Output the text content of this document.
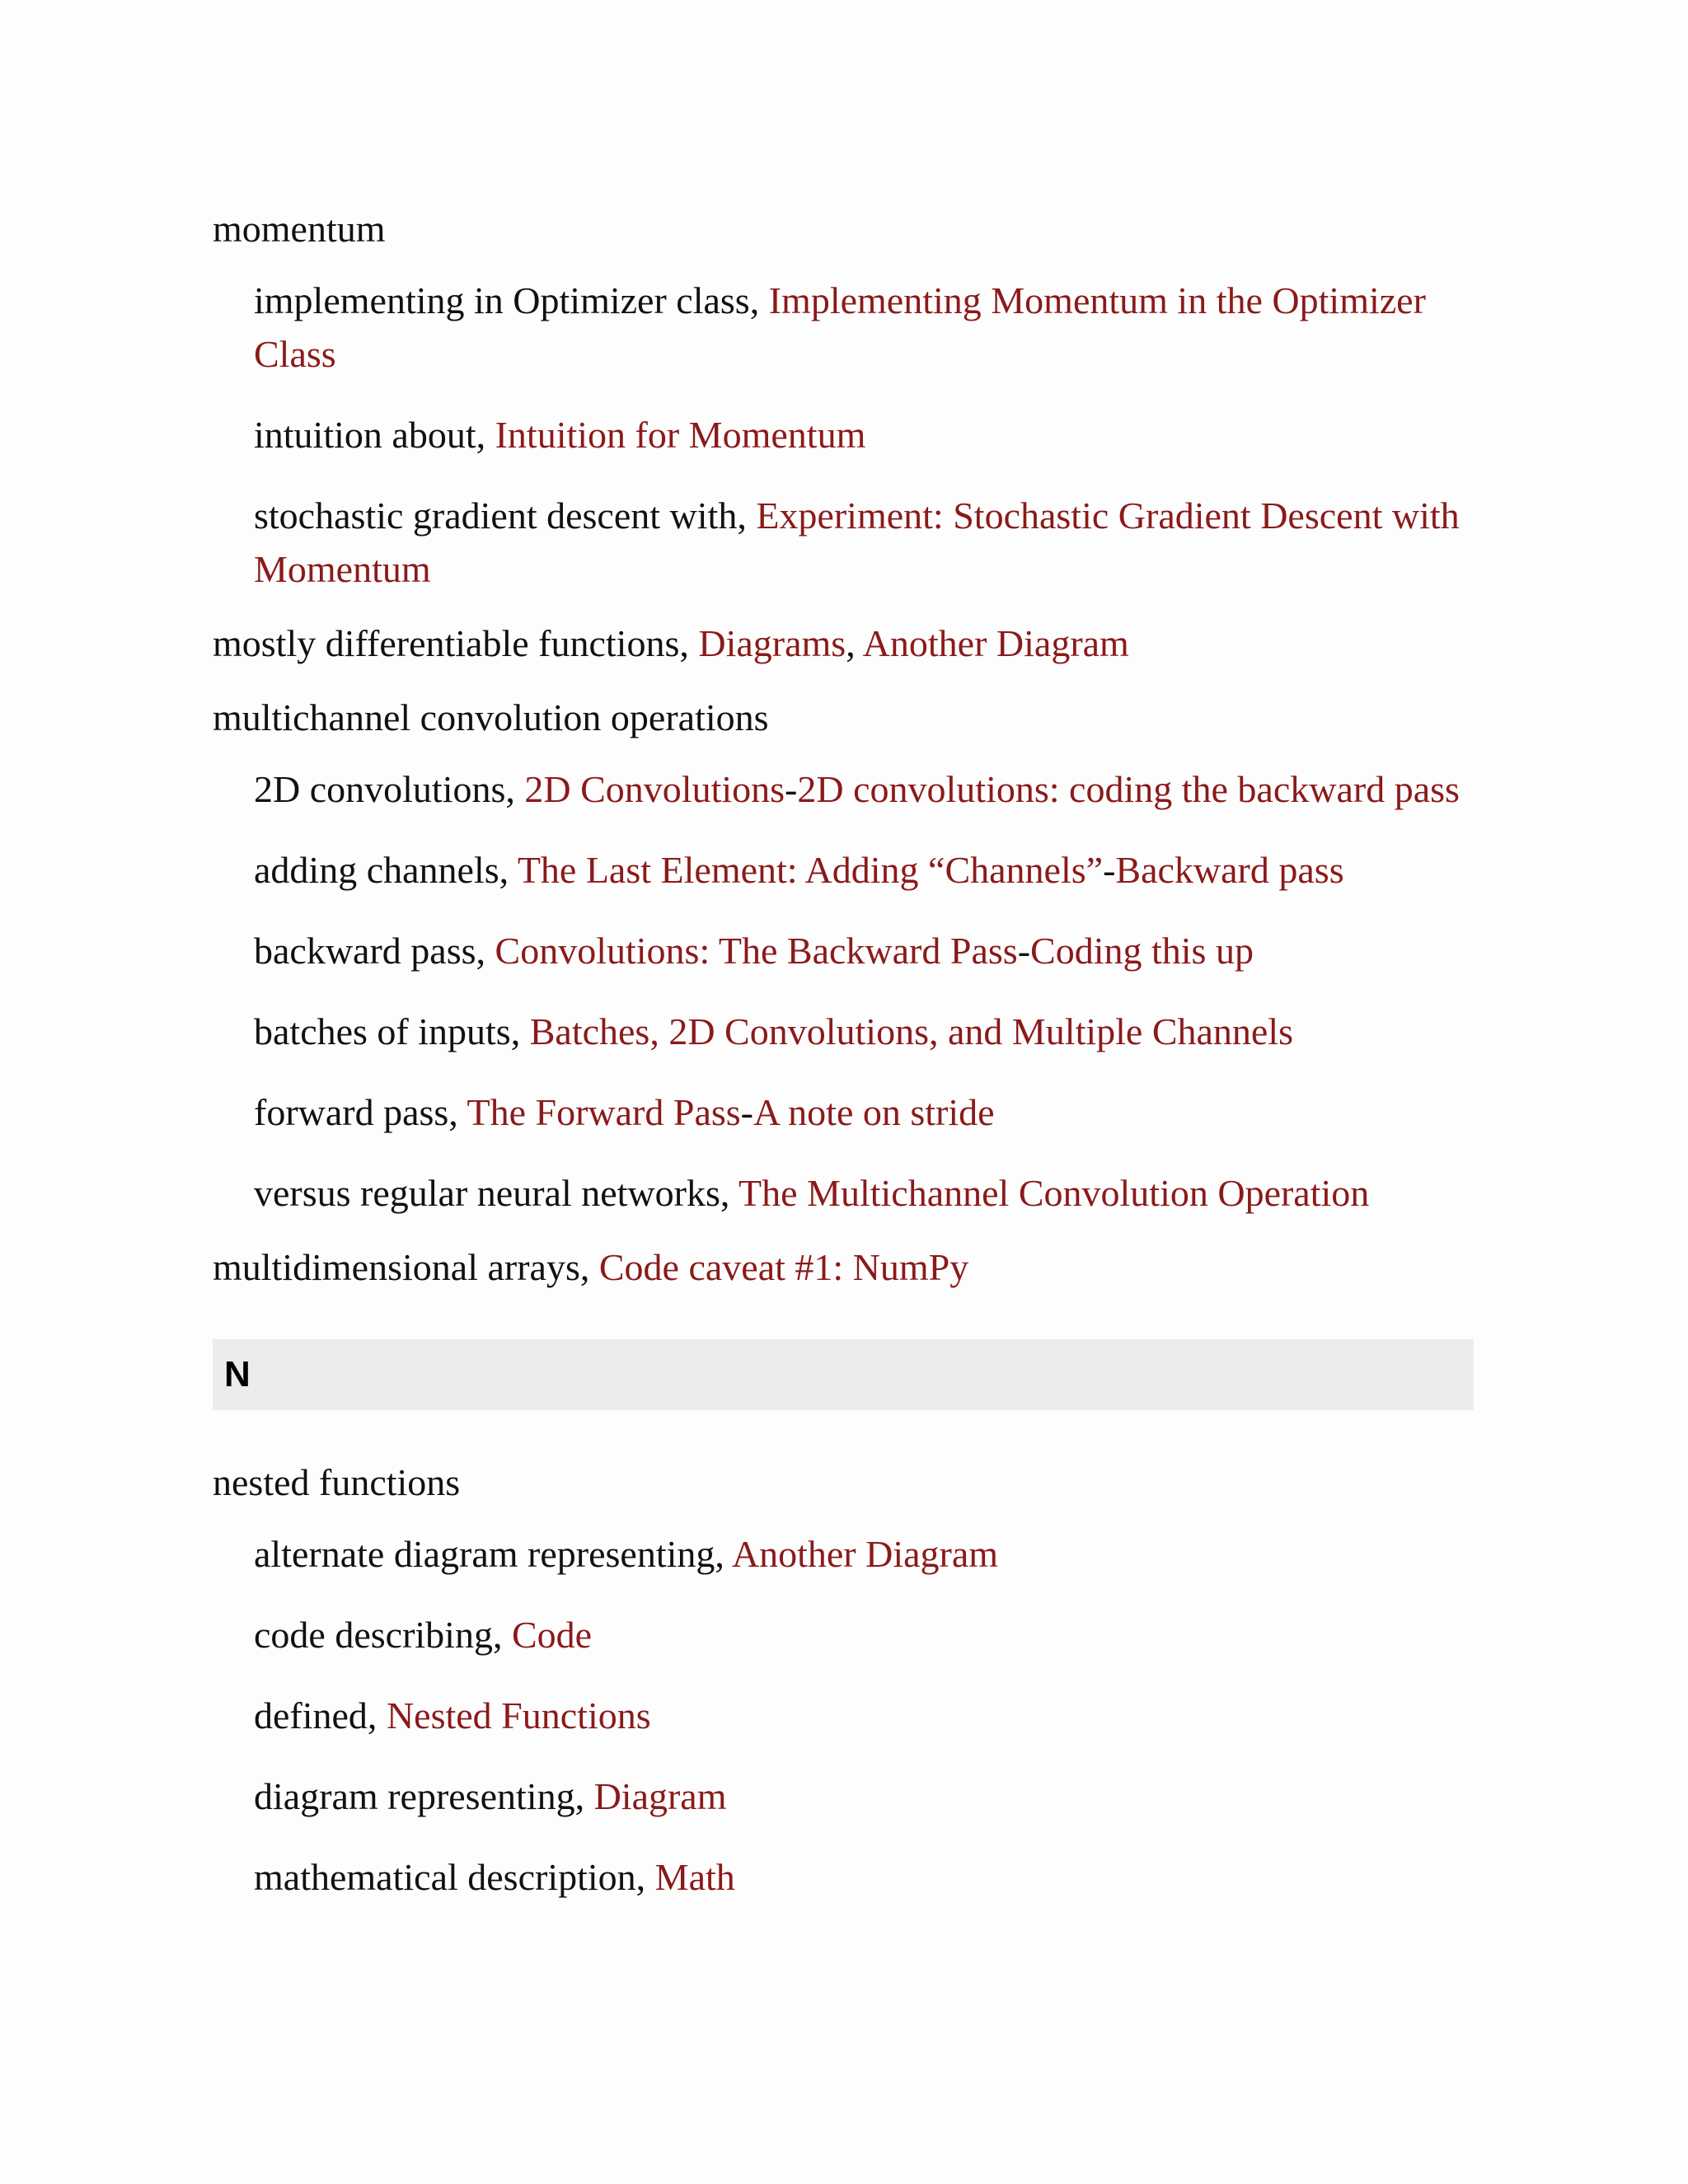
momentum

implementing in Optimizer class, Implementing Momentum in the Optimizer Class

intuition about, Intuition for Momentum

stochastic gradient descent with, Experiment: Stochastic Gradient Descent with Momentum

mostly differentiable functions, Diagrams, Another Diagram

multichannel convolution operations

2D convolutions, 2D Convolutions-2D convolutions: coding the backward pass

adding channels, The Last Element: Adding “Channels”-Backward pass

backward pass, Convolutions: The Backward Pass-Coding this up

batches of inputs, Batches, 2D Convolutions, and Multiple Channels

forward pass, The Forward Pass-A note on stride

versus regular neural networks, The Multichannel Convolution Operation

multidimensional arrays, Code caveat #1: NumPy

N

nested functions

alternate diagram representing, Another Diagram

code describing, Code

defined, Nested Functions

diagram representing, Diagram

mathematical description, Math
